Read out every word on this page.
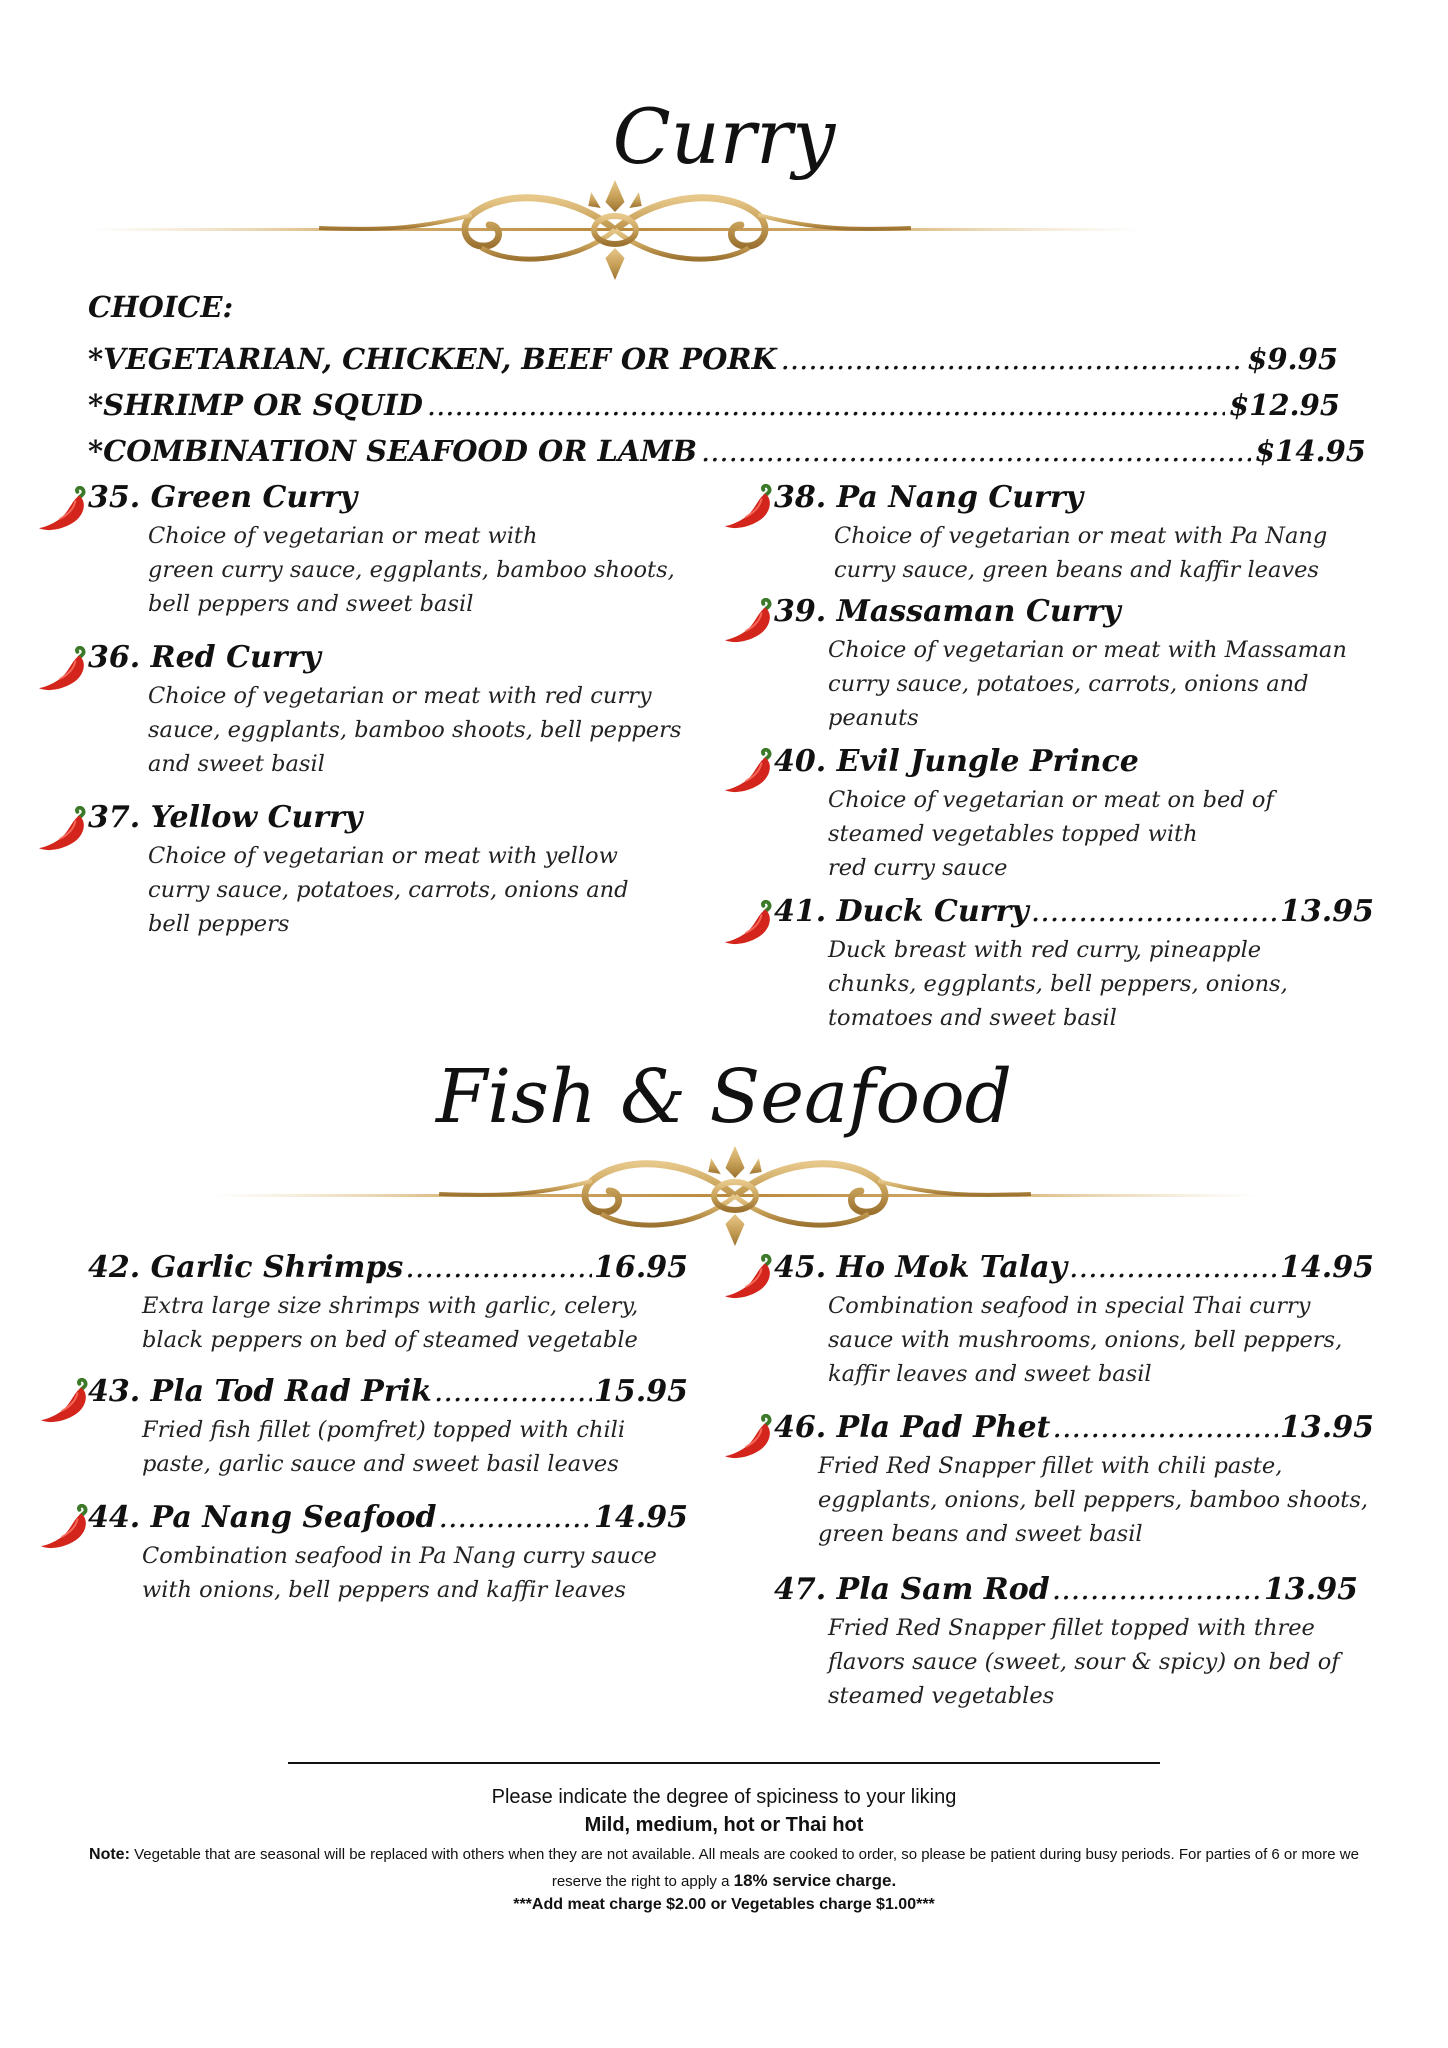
Curry
CHOICE:
*VEGETARIAN, CHICKEN, BEEF OR PORK .....	$9.95
*SHRIMP OR SQUID .....	$12.95
*COMBINATION SEAFOOD OR LAMB .....	$14.95
35. Green Curry
Choice of vegetarian or meat with
green curry sauce, eggplants, bamboo shoots,
bell peppers and sweet basil
36. Red Curry
Choice of vegetarian or meat with red curry
sauce, eggplants, bamboo shoots, bell peppers
and sweet basil
37. Yellow Curry
Choice of vegetarian or meat with yellow
curry sauce, potatoes, carrots, onions and
bell peppers
38. Pa Nang Curry
Choice of vegetarian or meat with Pa Nang
curry sauce, green beans and kaffir leaves
39. Massaman Curry
Choice of vegetarian or meat with Massaman
curry sauce, potatoes, carrots, onions and
peanuts
40. Evil Jungle Prince
Choice of vegetarian or meat on bed of
steamed vegetables topped with
red curry sauce
41. Duck Curry .....	13.95
Duck breast with red curry, pineapple
chunks, eggplants, bell peppers, onions,
tomatoes and sweet basil
Fish & Seafood
42. Garlic Shrimps .....	16.95
Extra large size shrimps with garlic, celery,
black peppers on bed of steamed vegetable
43. Pla Tod Rad Prik .....	15.95
Fried fish fillet (pomfret) topped with chili
paste, garlic sauce and sweet basil leaves
44. Pa Nang Seafood .....	14.95
Combination seafood in Pa Nang curry sauce
with onions, bell peppers and kaffir leaves
45. Ho Mok Talay .....	14.95
Combination seafood in special Thai curry
sauce with mushrooms, onions, bell peppers,
kaffir leaves and sweet basil
46. Pla Pad Phet .....	13.95
Fried Red Snapper fillet with chili paste,
eggplants, onions, bell peppers, bamboo shoots,
green beans and sweet basil
47. Pla Sam Rod .....	13.95
Fried Red Snapper fillet topped with three
flavors sauce (sweet, sour & spicy) on bed of
steamed vegetables
Please indicate the degree of spiciness to your liking
Mild, medium, hot or Thai hot
Note: Vegetable that are seasonal will be replaced with others when they are not available. All meals are cooked to order, so please be patient during busy periods. For parties of 6 or more we reserve the right to apply a 18% service charge.
***Add meat charge $2.00 or Vegetables charge $1.00***
